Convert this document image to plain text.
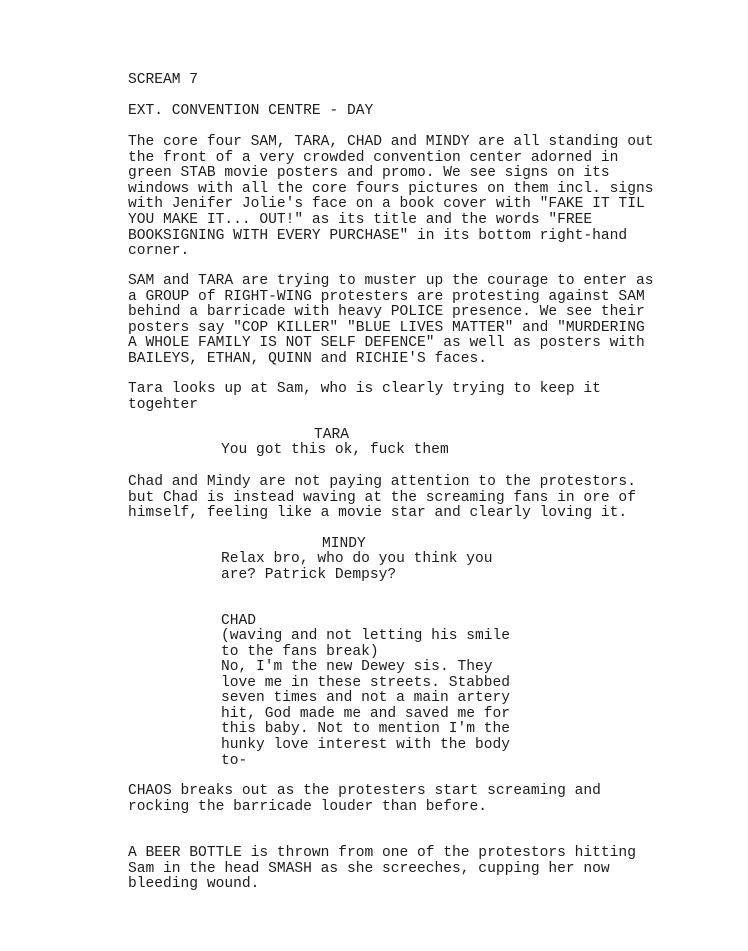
SCREAM 7

EXT. CONVENTION CENTRE - DAY

The core four SAM, TARA, CHAD and MINDY are all standing out
the front of a very crowded convention center adorned in
green STAB movie posters and promo. We see signs on its
windows with all the core fours pictures on them incl. signs
with Jenifer Jolie's face on a book cover with "FAKE IT TIL
YOU MAKE IT... OUT!" as its title and the words "FREE
BOOKSIGNING WITH EVERY PURCHASE" in its bottom right-hand
corner.

SAM and TARA are trying to muster up the courage to enter as
a GROUP of RIGHT-WING protesters are protesting against SAM
behind a barricade with heavy POLICE presence. We see their
posters say "COP KILLER" "BLUE LIVES MATTER" and "MURDERING
A WHOLE FAMILY IS NOT SELF DEFENCE" as well as posters with
BAILEYS, ETHAN, QUINN and RICHIE'S faces.

Tara looks up at Sam, who is clearly trying to keep it
togehter

TARA

You got this ok, fuck them

Chad and Mindy are not paying attention to the protestors.
but Chad is instead waving at the screaming fans in ore of
himself, feeling like a movie star and clearly loving it.

MINDY

Relax bro, who do you think you
are? Patrick Dempsy?

CHAD

(waving and not letting his smile
to the fans break)

No, I'm the new Dewey sis. They
love me in these streets. Stabbed
seven times and not a main artery
hit, God made me and saved me for
this baby. Not to mention I'm the
hunky love interest with the body
to-

CHAOS breaks out as the protesters start screaming and
rocking the barricade louder than before.

A BEER BOTTLE is thrown from one of the protestors hitting
Sam in the head SMASH as she screeches, cupping her now
bleeding wound.
